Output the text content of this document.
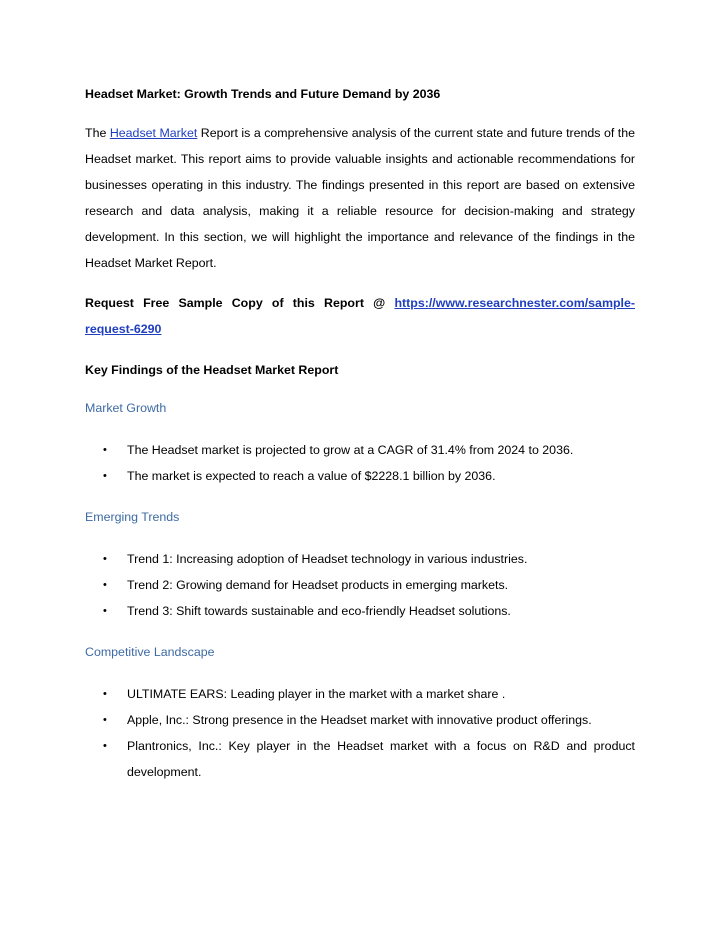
Headset Market: Growth Trends and Future Demand by 2036

The Headset Market Report is a comprehensive analysis of the current state and future trends of the Headset market. This report aims to provide valuable insights and actionable recommendations for businesses operating in this industry. The findings presented in this report are based on extensive research and data analysis, making it a reliable resource for decision-making and strategy development. In this section, we will highlight the importance and relevance of the findings in the Headset Market Report.

Request Free Sample Copy of this Report @ https://www.researchnester.com/sample-request-6290

Key Findings of the Headset Market Report

Market Growth

• The Headset market is projected to grow at a CAGR of 31.4% from 2024 to 2036.
• The market is expected to reach a value of $2228.1 billion by 2036.

Emerging Trends

• Trend 1: Increasing adoption of Headset technology in various industries.
• Trend 2: Growing demand for Headset products in emerging markets.
• Trend 3: Shift towards sustainable and eco-friendly Headset solutions.

Competitive Landscape

• ULTIMATE EARS: Leading player in the market with a market share .
• Apple, Inc.: Strong presence in the Headset market with innovative product offerings.
• Plantronics, Inc.: Key player in the Headset market with a focus on R&D and product development.
